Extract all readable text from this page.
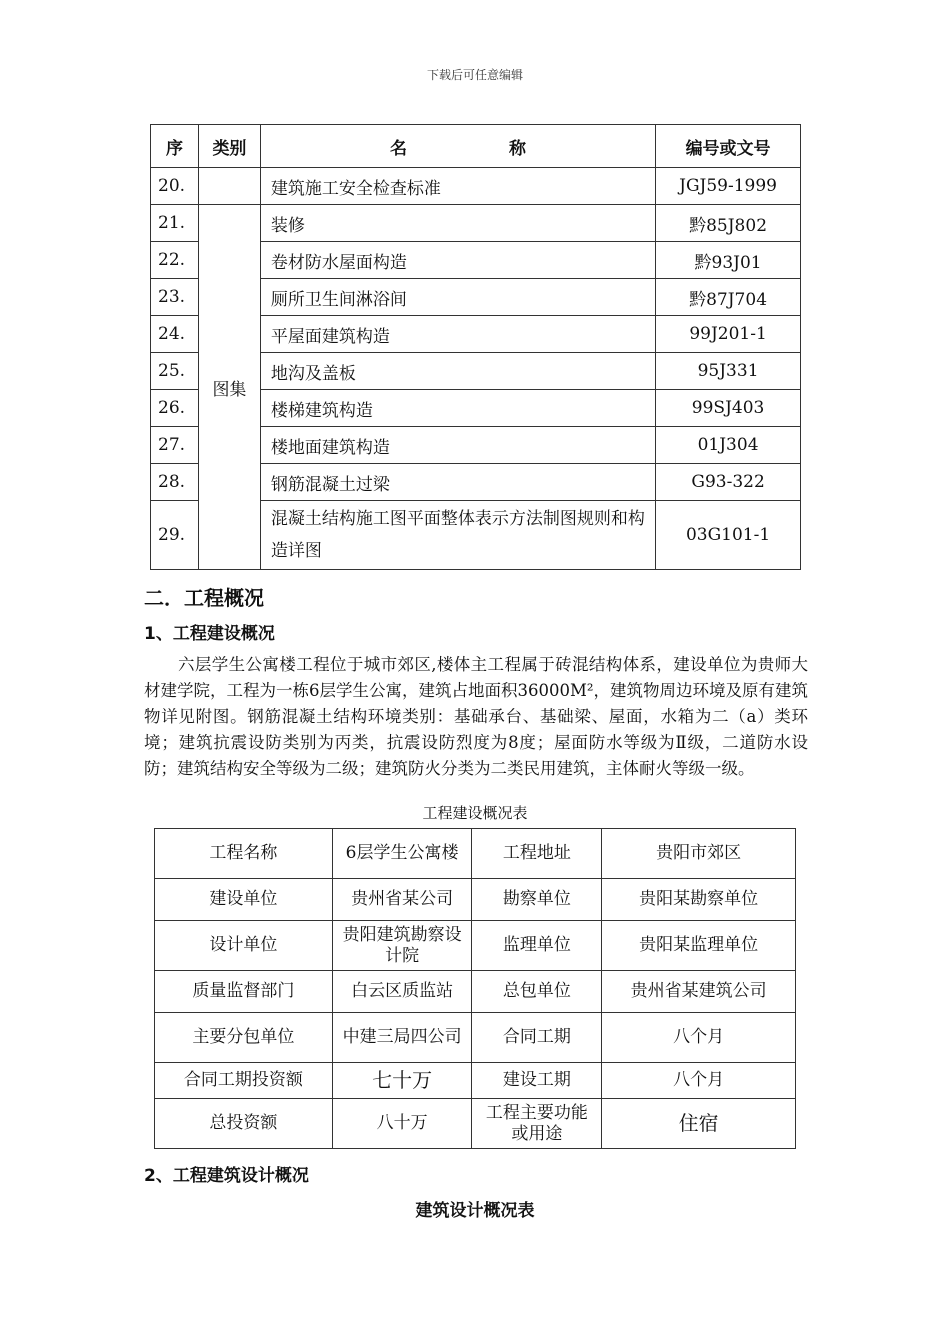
下载后可任意编辑
序	类别	名　　　　　　称	编号或文号
20.		建筑施工安全检查标准	JGJ59-1999
21.	图集	装修	黔85J802
22.		卷材防水屋面构造	黔93J01
23.		厕所卫生间淋浴间	黔87J704
24.		平屋面建筑构造	99J201-1
25.		地沟及盖板	95J331
26.		楼梯建筑构造	99SJ403
27.		楼地面建筑构造	01J304
28.		钢筋混凝土过梁	G93-322
29.		混凝土结构施工图平面整体表示方法制图规则和构造详图	03G101-1
二．工程概况
1、工程建设概况
六层学生公寓楼工程位于城市郊区,楼体主工程属于砖混结构体系，建设单位为贵师大材建学院，工程为一栋6层学生公寓，建筑占地面积36000M²，建筑物周边环境及原有建筑物详见附图。钢筋混凝土结构环境类别：基础承台、基础梁、屋面，水箱为二（a）类环境；建筑抗震设防类别为丙类，抗震设防烈度为8度；屋面防水等级为Ⅱ级，二道防水设防；建筑结构安全等级为二级；建筑防火分类为二类民用建筑，主体耐火等级一级。
工程建设概况表
工程名称	6层学生公寓楼	工程地址	贵阳市郊区
建设单位	贵州省某公司	勘察单位	贵阳某勘察单位
设计单位	贵阳建筑勘察设计院	监理单位	贵阳某监理单位
质量监督部门	白云区质监站	总包单位	贵州省某建筑公司
主要分包单位	中建三局四公司	合同工期	八个月
合同工期投资额	七十万	建设工期	八个月
总投资额	八十万	工程主要功能或用途	住宿
2、工程建筑设计概况
建筑设计概况表
